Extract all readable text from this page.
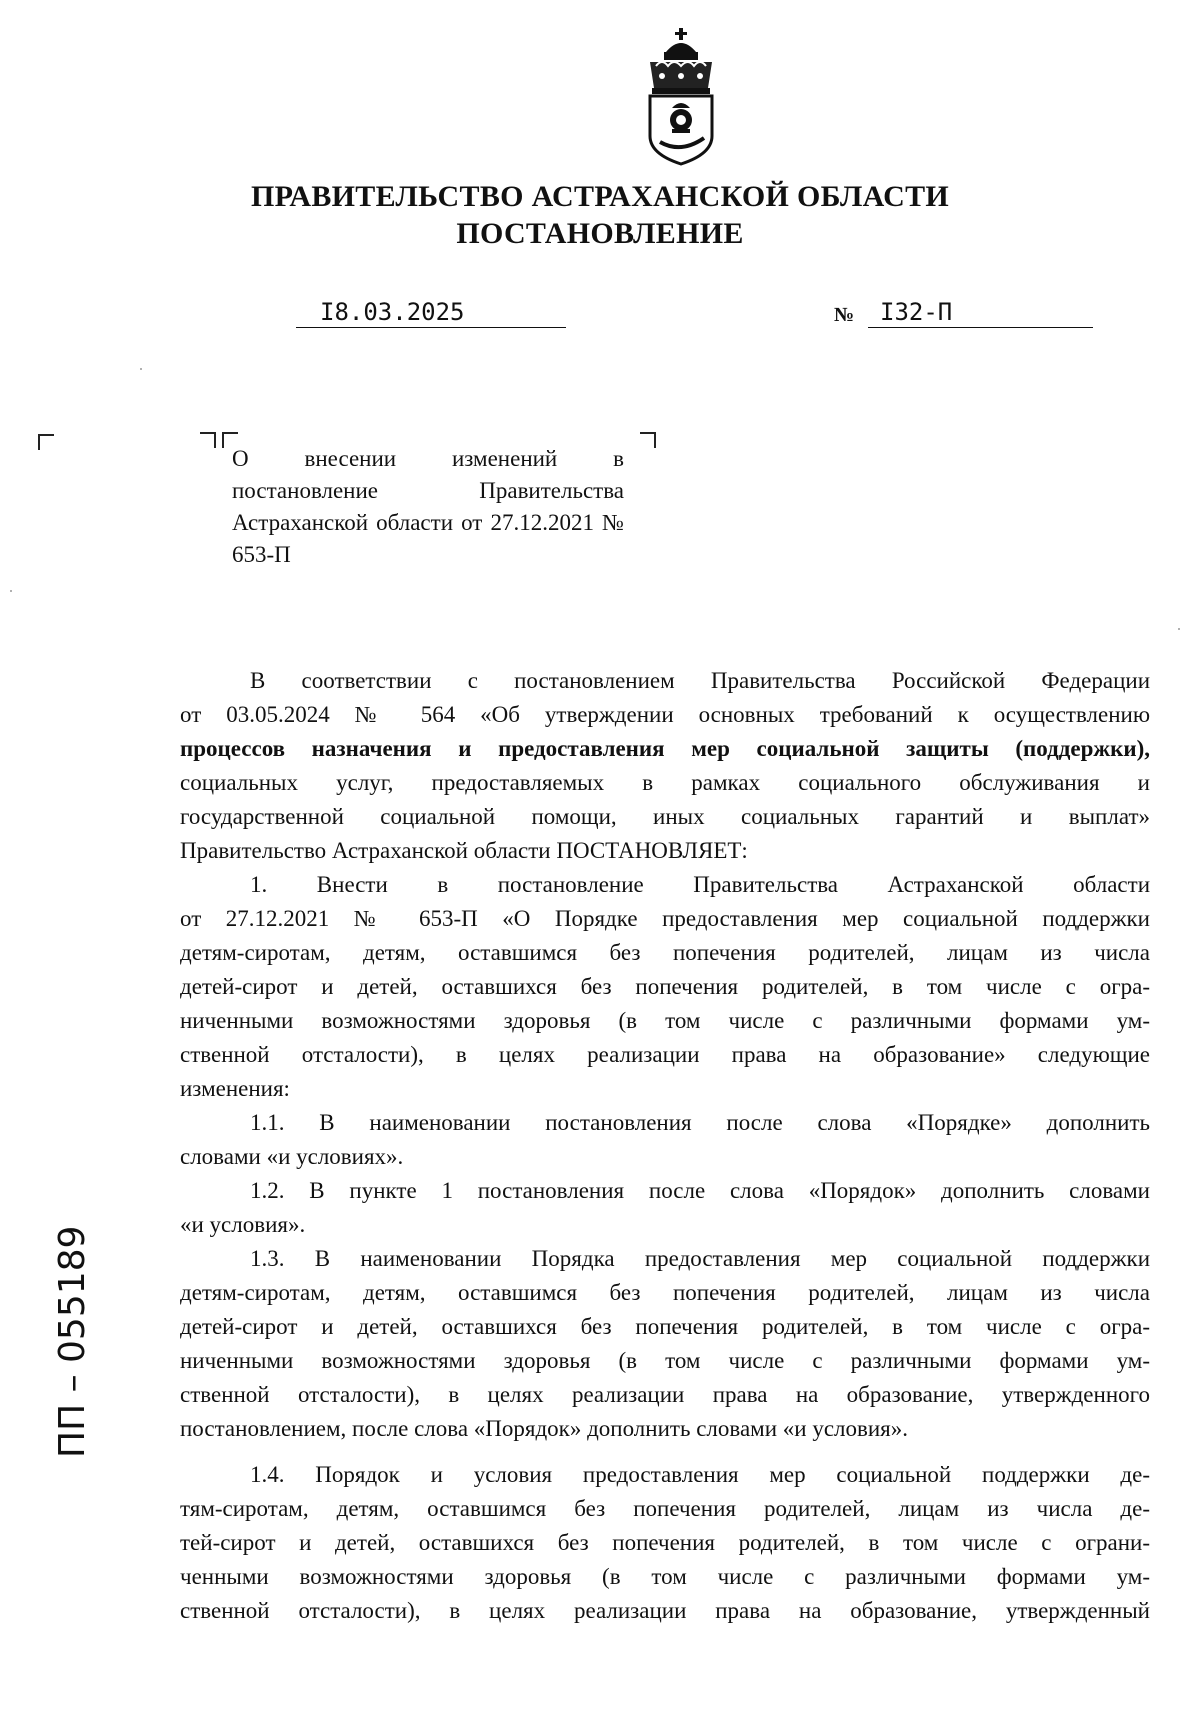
ПРАВИТЕЛЬСТВО АСТРАХАНСКОЙ ОБЛАСТИ
ПОСТАНОВЛЕНИЕ
I8.03.2025	№	I32-П
О внесении изменений в постановление Правительства Астраханской области от 27.12.2021 № 653-П
В соответствии с постановлением Правительства Российской Федерации
от 03.05.2024 № 564 «Об утверждении основных требований к осуществлению
процессов назначения и предоставления мер социальной защиты (поддержки),
социальных услуг, предоставляемых в рамках социального обслуживания и
государственной социальной помощи, иных социальных гарантий и выплат»
Правительство Астраханской области ПОСТАНОВЛЯЕТ:
1. Внести в постановление Правительства Астраханской области
от 27.12.2021 № 653-П «О Порядке предоставления мер социальной поддержки
детям-сиротам, детям, оставшимся без попечения родителей, лицам из числа
детей-сирот и детей, оставшихся без попечения родителей, в том числе с огра-
ниченными возможностями здоровья (в том числе с различными формами ум-
ственной отсталости), в целях реализации права на образование» следующие
изменения:
1.1. В наименовании постановления после слова «Порядке» дополнить
словами «и условиях».
1.2. В пункте 1 постановления после слова «Порядок» дополнить словами
«и условия».
1.3. В наименовании Порядка предоставления мер социальной поддержки
детям-сиротам, детям, оставшимся без попечения родителей, лицам из числа
детей-сирот и детей, оставшихся без попечения родителей, в том числе с огра-
ниченными возможностями здоровья (в том числе с различными формами ум-
ственной отсталости), в целях реализации права на образование, утвержденного
постановлением, после слова «Порядок» дополнить словами «и условия».
1.4. Порядок и условия предоставления мер социальной поддержки де-
тям-сиротам, детям, оставшимся без попечения родителей, лицам из числа де-
тей-сирот и детей, оставшихся без попечения родителей, в том числе с ограни-
ченными возможностями здоровья (в том числе с различными формами ум-
ственной отсталости), в целях реализации права на образование, утвержденный
ПП – 055189
